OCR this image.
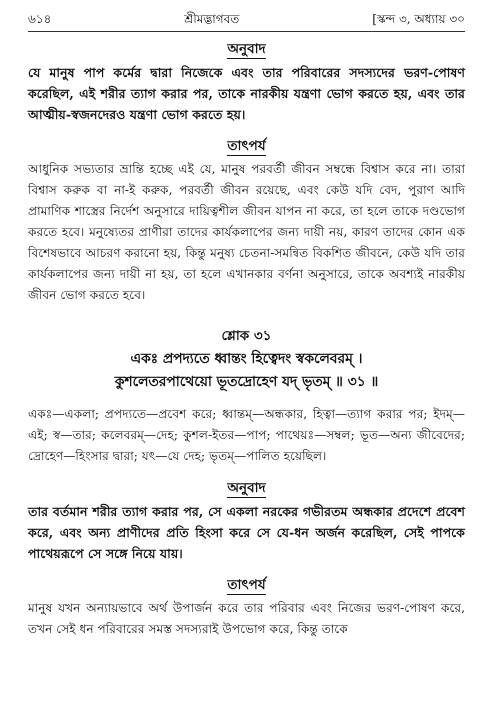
৬১৪	শ্রীমদ্ভাগবত	[স্কন্দ ৩, অধ্যায় ৩০
অনুবাদ

যে মানুষ পাপ কর্মের দ্বারা নিজেকে এবং তার পরিবারের সদস্যদের ভরণ-পোষণ করেছিল, এই শরীর ত্যাগ করার পর, তাকে নারকীয় যন্ত্রণা ভোগ করতে হয়, এবং তার আত্মীয়-স্বজনদেরও যন্ত্রণা ভোগ করতে হয়।

তাৎপর্য

আধুনিক সভ্যতার ভ্রান্তি হচ্ছে এই যে, মানুষ পরবর্তী জীবন সম্বন্ধে বিশ্বাস করে না। তারা বিশ্বাস করুক বা না-ই করুক, পরবর্তী জীবন রয়েছে, এবং কেউ যদি বেদ, পুরাণ আদি প্রামাণিক শাস্ত্রের নির্দেশ অনুসারে দায়িত্বশীল জীবন যাপন না করে, তা হলে তাকে দণ্ডভোগ করতে হবে। মনুষ্যেতর প্রাণীরা তাদের কার্যকলাপের জন্য দায়ী নয়, কারণ তাদের কোন এক বিশেষভাবে আচরণ করানো হয়, কিন্তু মনুষ্য চেতনা-সমন্বিত বিকশিত জীবনে, কেউ যদি তার কার্যকলাপের জন্য দায়ী না হয়, তা হলে এখানকার বর্ণনা অনুসারে, তাকে অবশ্যই নারকীয় জীবন ভোগ করতে হবে।

শ্লোক ৩১
একঃ প্রপদ্যতে ধ্বান্তং হিত্বেদং স্বকলেবরম্ ।
কুশলেতরপাথেয়ো ভূতদ্রোহেণ যদ্ ভৃতম্ ॥ ৩১ ॥

একঃ—একলা; প্রপদ্যতে—প্রবেশ করে; ধ্বান্তম্—অন্ধকার, হিত্বা—ত্যাগ করার পর; ইদম্—এই; স্ব—তার; কলেবরম্—দেহ; কুশল-ইতর—পাপ; পাথেয়ঃ—সম্বল; ভূত—অন্য জীবেদের; দ্রোহেণ—হিংসার দ্বারা; যৎ—যে দেহ; ভৃতম্—পালিত হয়েছিল।

অনুবাদ

তার বর্তমান শরীর ত্যাগ করার পর, সে একলা নরকের গভীরতম অন্ধকার প্রদেশে প্রবেশ করে, এবং অন্য প্রাণীদের প্রতি হিংসা করে সে যে-ধন অর্জন করেছিল, সেই পাপকে পাথেয়রূপে সে সঙ্গে নিয়ে যায়।

তাৎপর্য

মানুষ যখন অন্যায়ভাবে অর্থ উপার্জন করে তার পরিবার এবং নিজের ভরণ-পোষণ করে, তখন সেই ধন পরিবারের সমস্ত সদস্যরাই উপভোগ করে, কিন্তু তাকে
